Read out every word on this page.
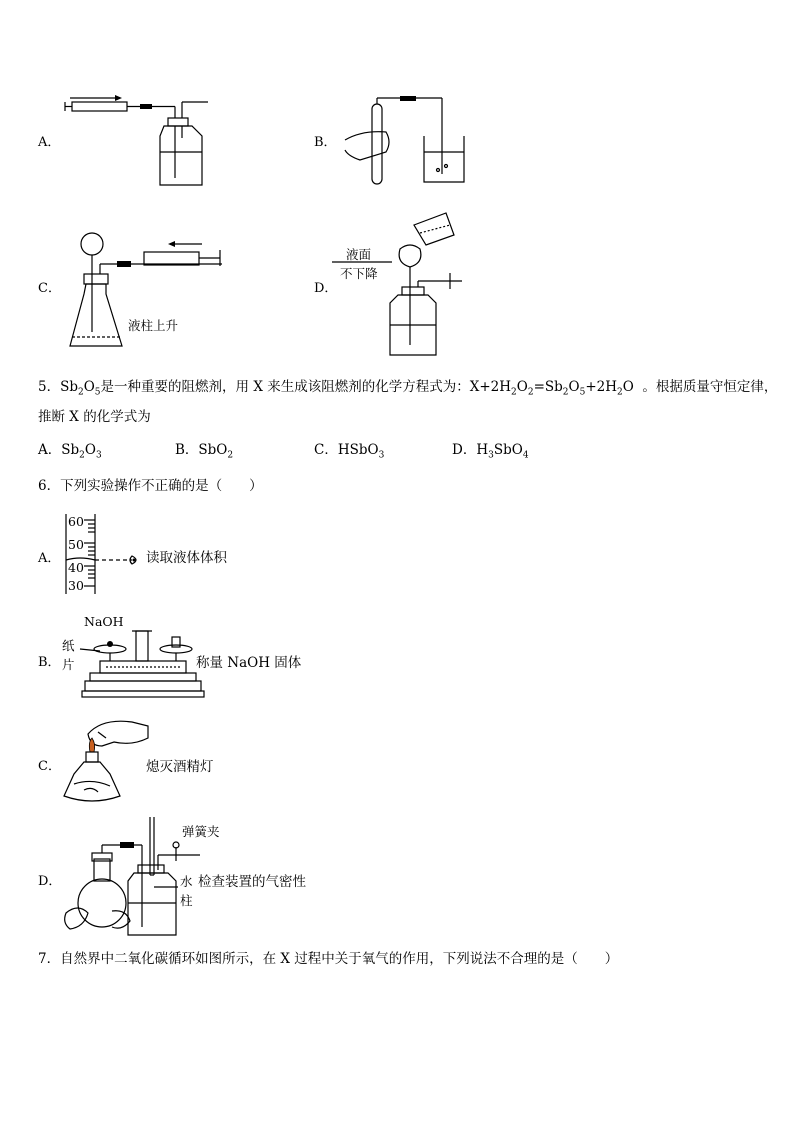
A．	B．
C．
液柱上升
D．
液面
不下降
5．$Sb_2O_5$是一种重要的阻燃剂，用 X 来生成该阻燃剂的化学方程式为：$X+2H_2O_2=Sb_2O_5+2H_2O$ 。根据质量守恒定律，
推断 X 的化学式为
A．$Sb_2O_3$	B．SbO$_2$	C．HSbO$_3$	D．$H_3SbO_4$
6．下列实验操作不正确的是（　　）
A．
60
50
40
30
读取液体体积
B．
NaOH
纸
片	称量 NaOH 固体
C．	熄灭酒精灯
D．
弹簧夹
水
柱
检查装置的气密性
7．自然界中二氧化碳循环如图所示，在 X 过程中关于氧气的作用，下列说法不合理的是（　　）
